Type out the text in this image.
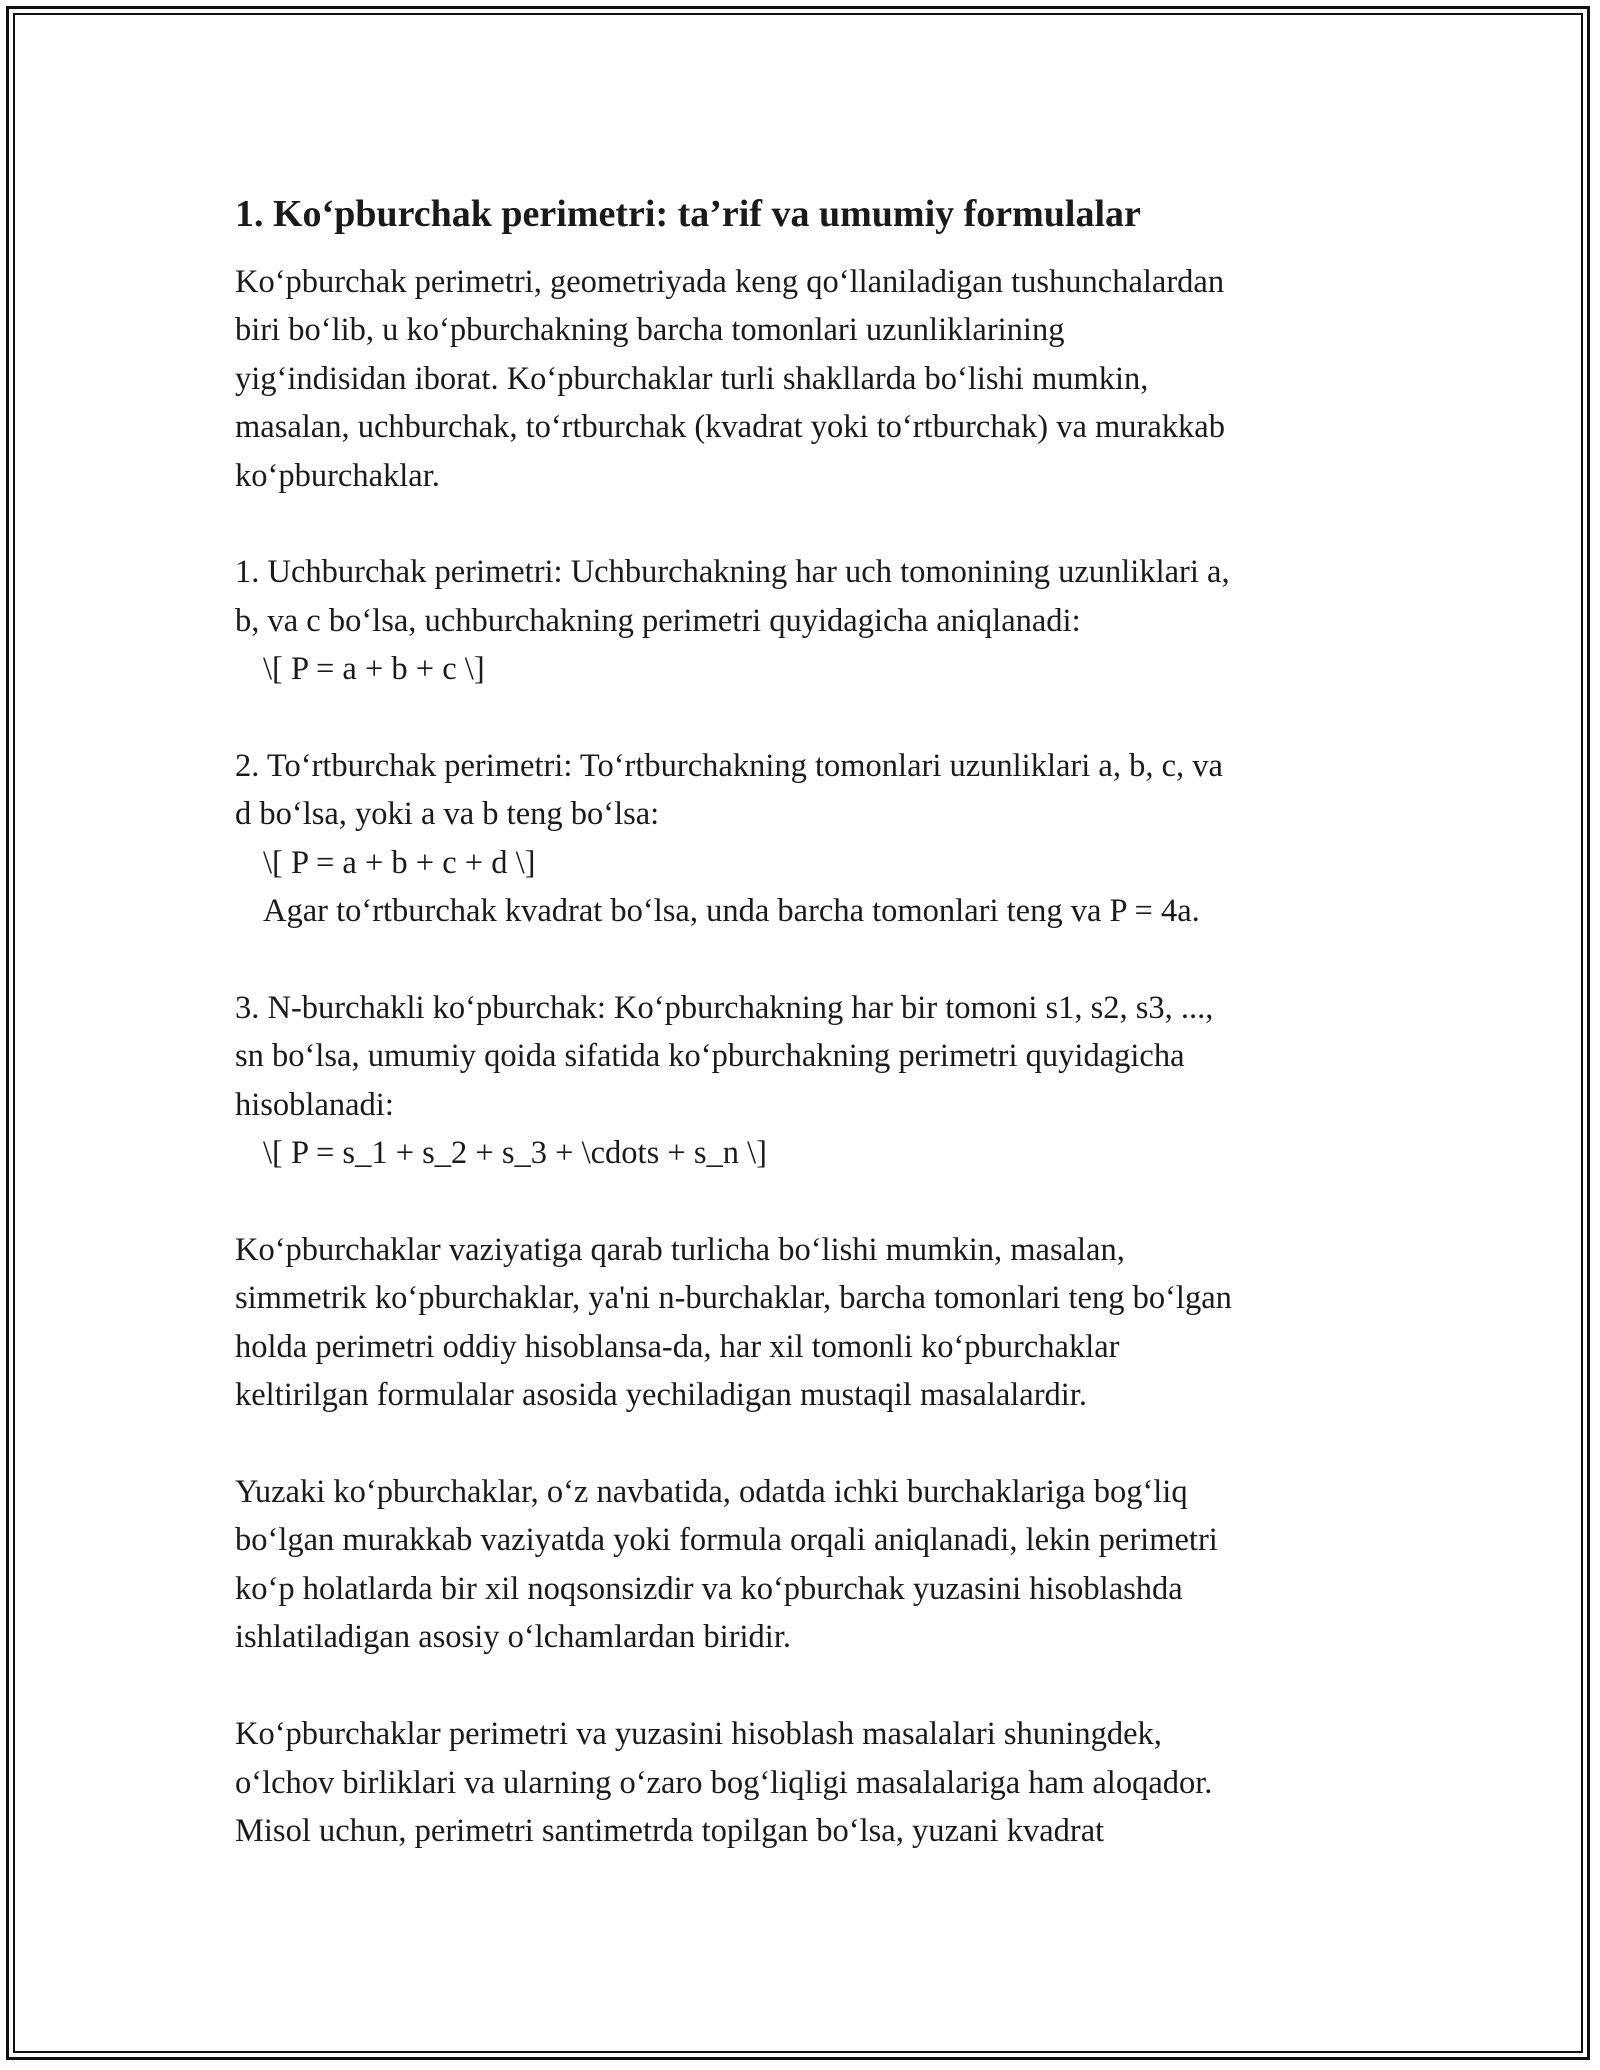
1. Ko‘pburchak perimetri: ta’rif va umumiy formulalar

Ko‘pburchak perimetri, geometriyada keng qo‘llaniladigan tushunchalardan
biri bo‘lib, u ko‘pburchakning barcha tomonlari uzunliklarining
yig‘indisidan iborat. Ko‘pburchaklar turli shakllarda bo‘lishi mumkin,
masalan, uchburchak, to‘rtburchak (kvadrat yoki to‘rtburchak) va murakkab
ko‘pburchaklar.

1. Uchburchak perimetri: Uchburchakning har uch tomonining uzunliklari a,
b, va c bo‘lsa, uchburchakning perimetri quyidagicha aniqlanadi:
\[ P = a + b + c \]

2. To‘rtburchak perimetri: To‘rtburchakning tomonlari uzunliklari a, b, c, va
d bo‘lsa, yoki a va b teng bo‘lsa:
\[ P = a + b + c + d \]
Agar to‘rtburchak kvadrat bo‘lsa, unda barcha tomonlari teng va P = 4a.

3. N-burchakli ko‘pburchak: Ko‘pburchakning har bir tomoni s1, s2, s3, ...,
sn bo‘lsa, umumiy qoida sifatida ko‘pburchakning perimetri quyidagicha
hisoblanadi:
\[ P = s_1 + s_2 + s_3 + \cdots + s_n \]

Ko‘pburchaklar vaziyatiga qarab turlicha bo‘lishi mumkin, masalan,
simmetrik ko‘pburchaklar, ya'ni n-burchaklar, barcha tomonlari teng bo‘lgan
holda perimetri oddiy hisoblansa-da, har xil tomonli ko‘pburchaklar
keltirilgan formulalar asosida yechiladigan mustaqil masalalardir.

Yuzaki ko‘pburchaklar, o‘z navbatida, odatda ichki burchaklariga bog‘liq
bo‘lgan murakkab vaziyatda yoki formula orqali aniqlanadi, lekin perimetri
ko‘p holatlarda bir xil noqsonsizdir va ko‘pburchak yuzasini hisoblashda
ishlatiladigan asosiy o‘lchamlardan biridir.

Ko‘pburchaklar perimetri va yuzasini hisoblash masalalari shuningdek,
o‘lchov birliklari va ularning o‘zaro bog‘liqligi masalalariga ham aloqador.
Misol uchun, perimetri santimetrda topilgan bo‘lsa, yuzani kvadrat
